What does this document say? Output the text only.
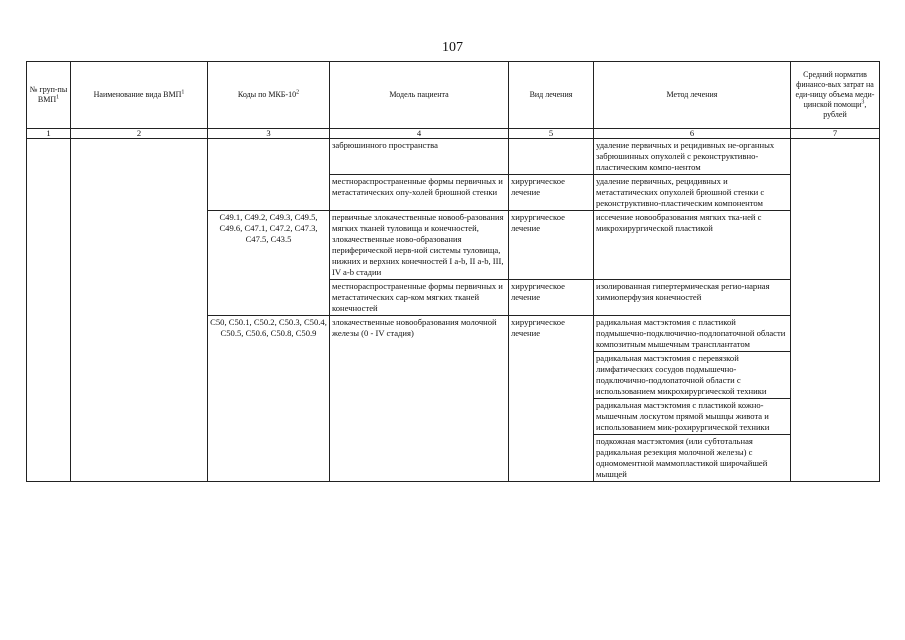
107
№ груп-пы ВМП$^1$	Наименование вида ВМП$^1$	Коды по МКБ-$10^2$	Модель пациента	Вид лечения	Метод лечения	Средний норматив финансо-вых затрат на еди-ницу объема меди-цинской помощи$^3$, рублей
1	2	3	4	5	6	7
			забрюшинного пространства		удаление первичных и рецидивных не-органных забрюшинных опухолей с реконструктивно-пластическим компо-нентом	
			местнораспространенные формы первичных и метастатических опу-холей брюшной стенки	хирургическое лечение	удаление первичных, рецидивных и метастатических опухолей брюшной стенки с реконструктивно-пластическим компонентом	
		C49.1, C49.2, C49.3, C49.5, C49.6, C47.1, C47.2, C47.3, C47.5, C43.5	первичные злокачественные новооб-разования мягких тканей туловища и конечностей, злокачественные ново-образования периферической нерв-ной системы туловища, нижних и верхних конечностей I a-b, II a-b, III, IV a-b стадии	хирургическое лечение	иссечение новообразования мягких тка-ней с микрохирургической пластикой	
			местнораспространенные формы первичных и метастатических сар-ком мягких тканей конечностей	хирургическое лечение	изолированная гипертермическая регио-нарная химиоперфузия конечностей	
		C50, C50.1, C50.2, C50.3, C50.4, C50.5, C50.6, C50.8, C50.9	злокачественные новообразования молочной железы (0 - IV стадия)	хирургическое лечение	радикальная мастэктомия с пластикой подмышечно-подключично-подлопаточной области композитным мышечным трансплантатом	
					радикальная мастэктомия с перевязкой лимфатических сосудов подмышечно-подключично-подлопаточной области с использованием микрохирургической техники	
					радикальная мастэктомия с пластикой кожно-мышечным лоскутом прямой мышцы живота и использованием мик-рохирургической техники	
					подкожная мастэктомия (или субтотальная радикальная резекция молочной железы) с одномоментной маммопластикой широчайшей мышцей	
